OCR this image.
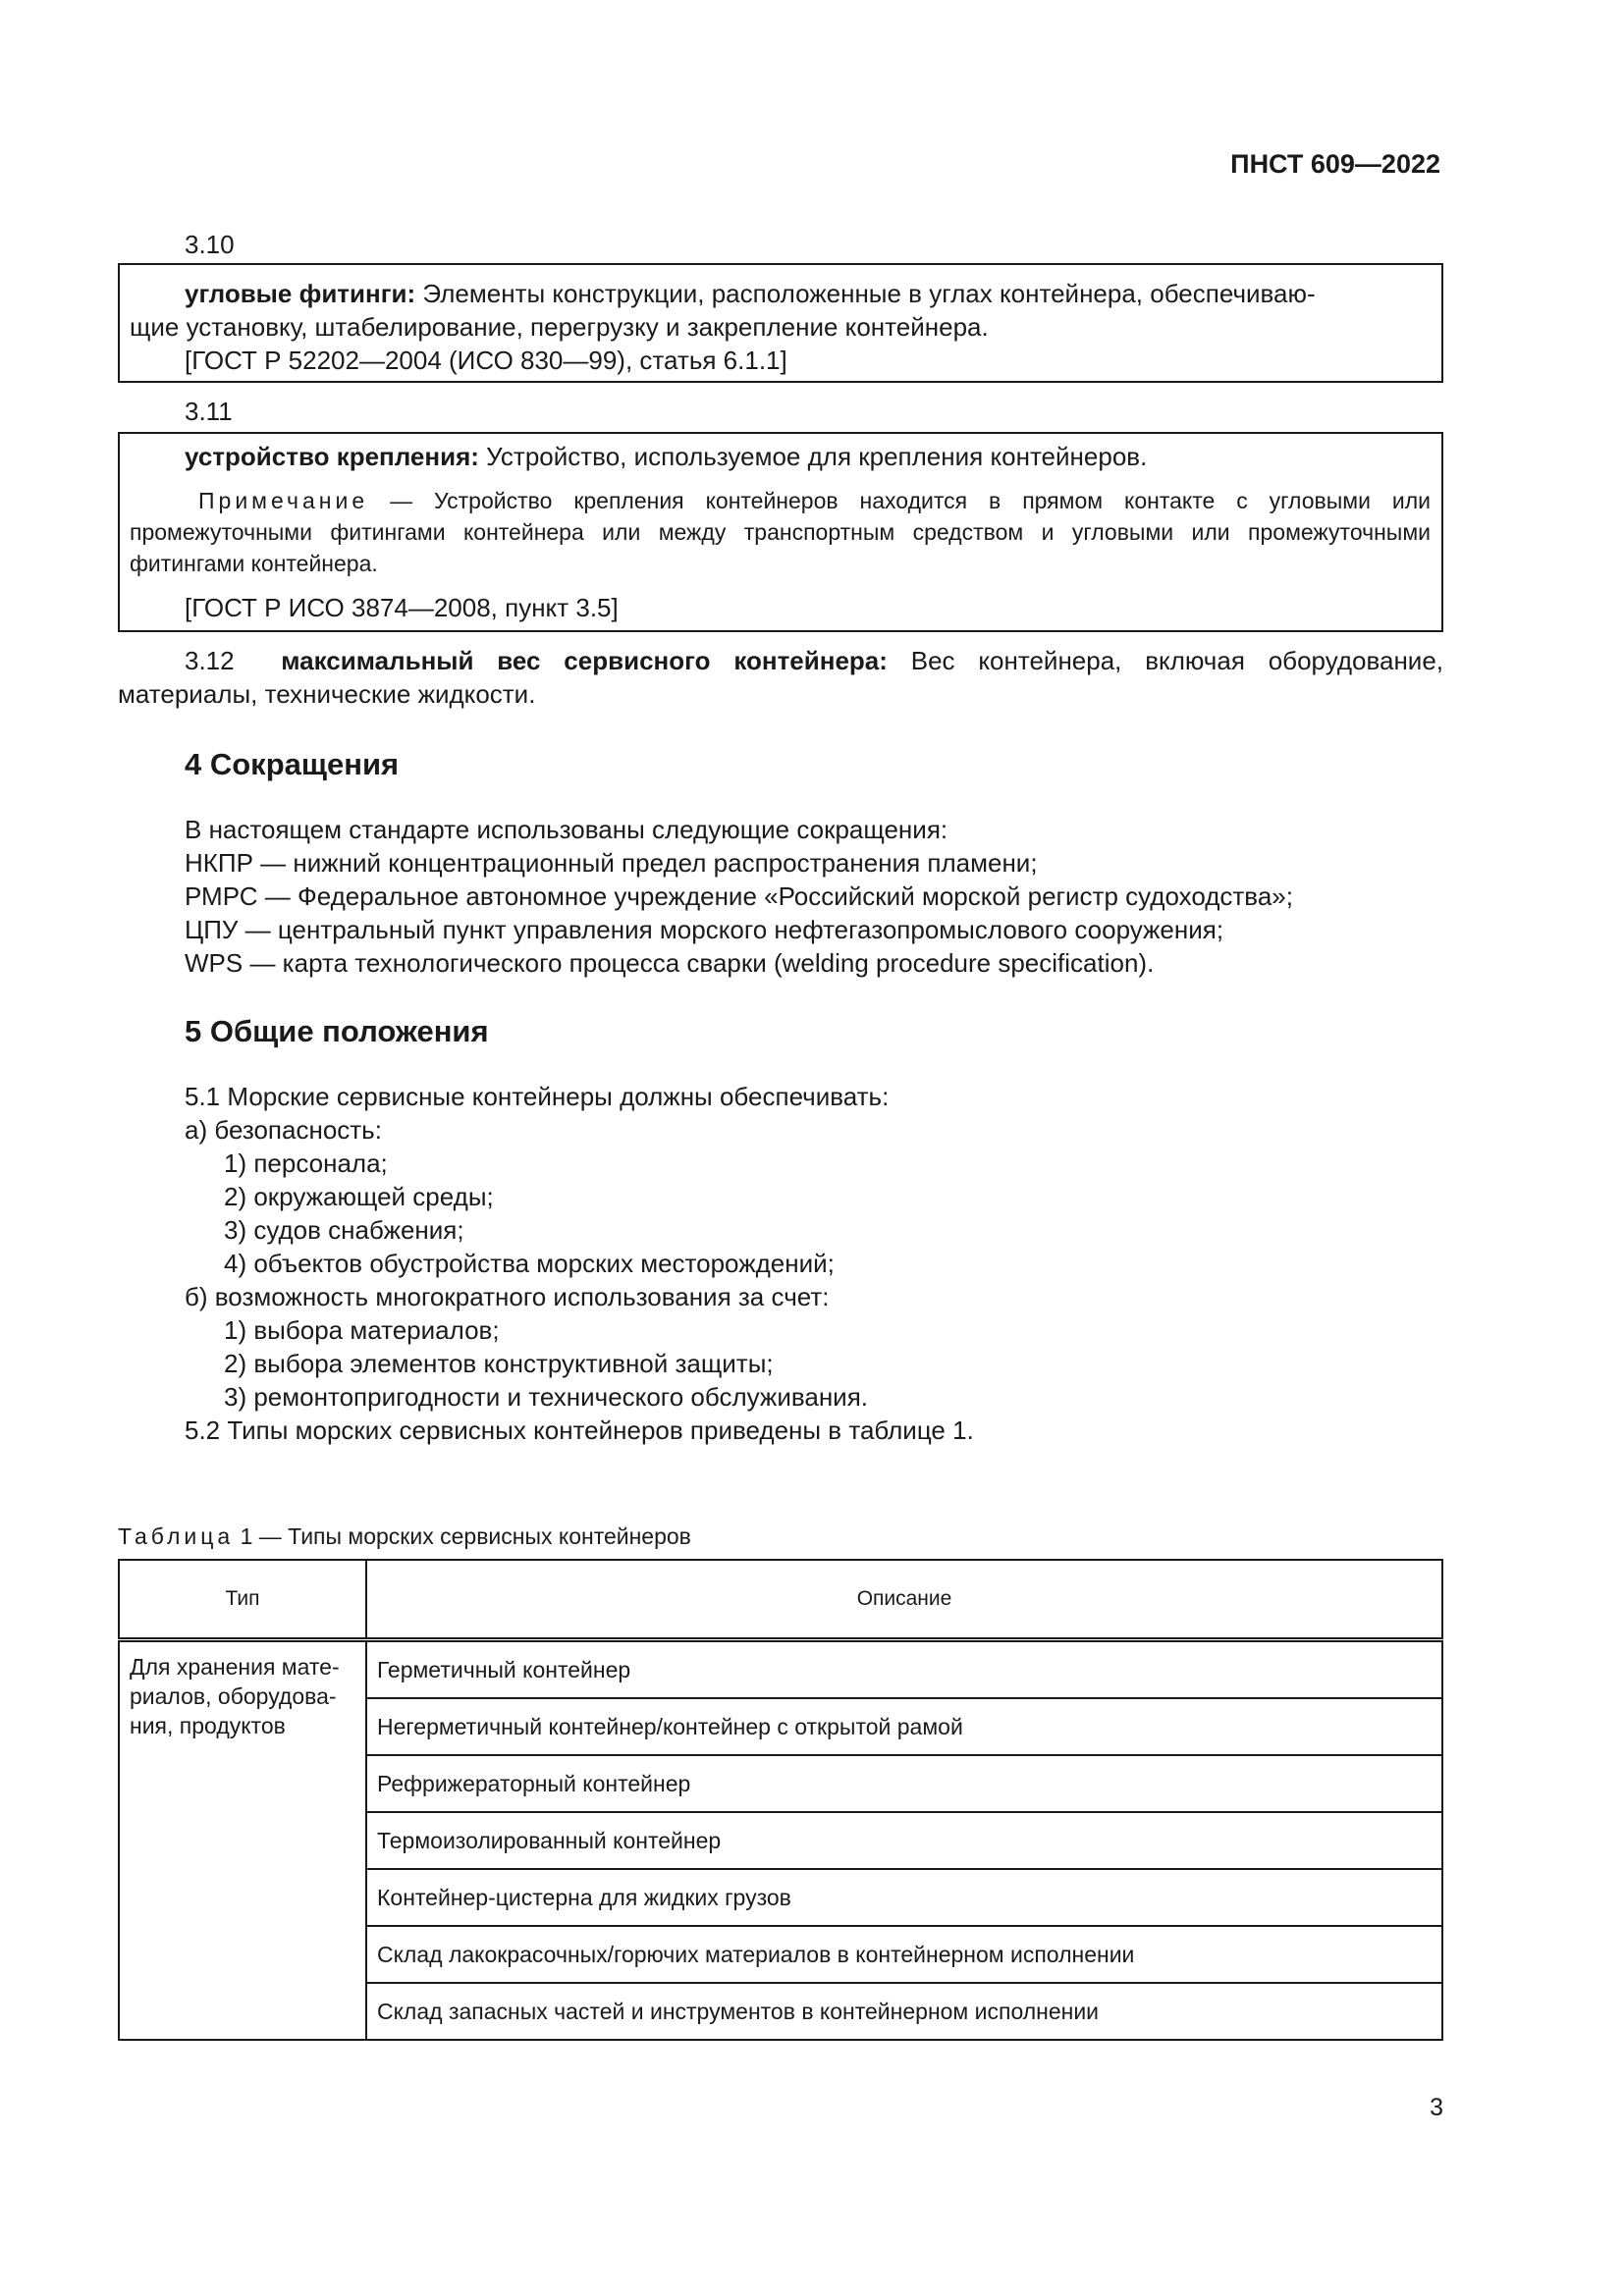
ПНСТ 609—2022
3.10
угловые фитинги: Элементы конструкции, расположенные в углах контейнера, обеспечиваю-
щие установку, штабелирование, перегрузку и закрепление контейнера.
[ГОСТ Р 52202—2004 (ИСО 830—99), статья 6.1.1]
3.11
устройство крепления: Устройство, используемое для крепления контейнеров.
Примечание — Устройство крепления контейнеров находится в прямом контакте с угловыми или промежуточными фитингами контейнера или между транспортным средством и угловыми или промежуточными фитингами контейнера.
[ГОСТ Р ИСО 3874—2008, пункт 3.5]
3.12 максимальный вес сервисного контейнера: Вес контейнера, включая оборудование, материалы, технические жидкости.
4 Сокращения
В настоящем стандарте использованы следующие сокращения:
НКПР — нижний концентрационный предел распространения пламени;
РМРС — Федеральное автономное учреждение «Российский морской регистр судоходства»;
ЦПУ — центральный пункт управления морского нефтегазопромыслового сооружения;
WPS — карта технологического процесса сварки (welding procedure specification).
5 Общие положения
5.1 Морские сервисные контейнеры должны обеспечивать:
а) безопасность:
1) персонала;
2) окружающей среды;
3) судов снабжения;
4) объектов обустройства морских месторождений;
б) возможность многократного использования за счет:
1) выбора материалов;
2) выбора элементов конструктивной защиты;
3) ремонтопригодности и технического обслуживания.
5.2 Типы морских сервисных контейнеров приведены в таблице 1.
Таблица 1 — Типы морских сервисных контейнеров
Тип	Описание
Для хранения мате-риалов, оборудова-ния, продуктов	Герметичный контейнер
	Негерметичный контейнер/контейнер с открытой рамой
	Рефрижераторный контейнер
	Термоизолированный контейнер
	Контейнер-цистерна для жидких грузов
	Склад лакокрасочных/горючих материалов в контейнерном исполнении
	Склад запасных частей и инструментов в контейнерном исполнении
3
